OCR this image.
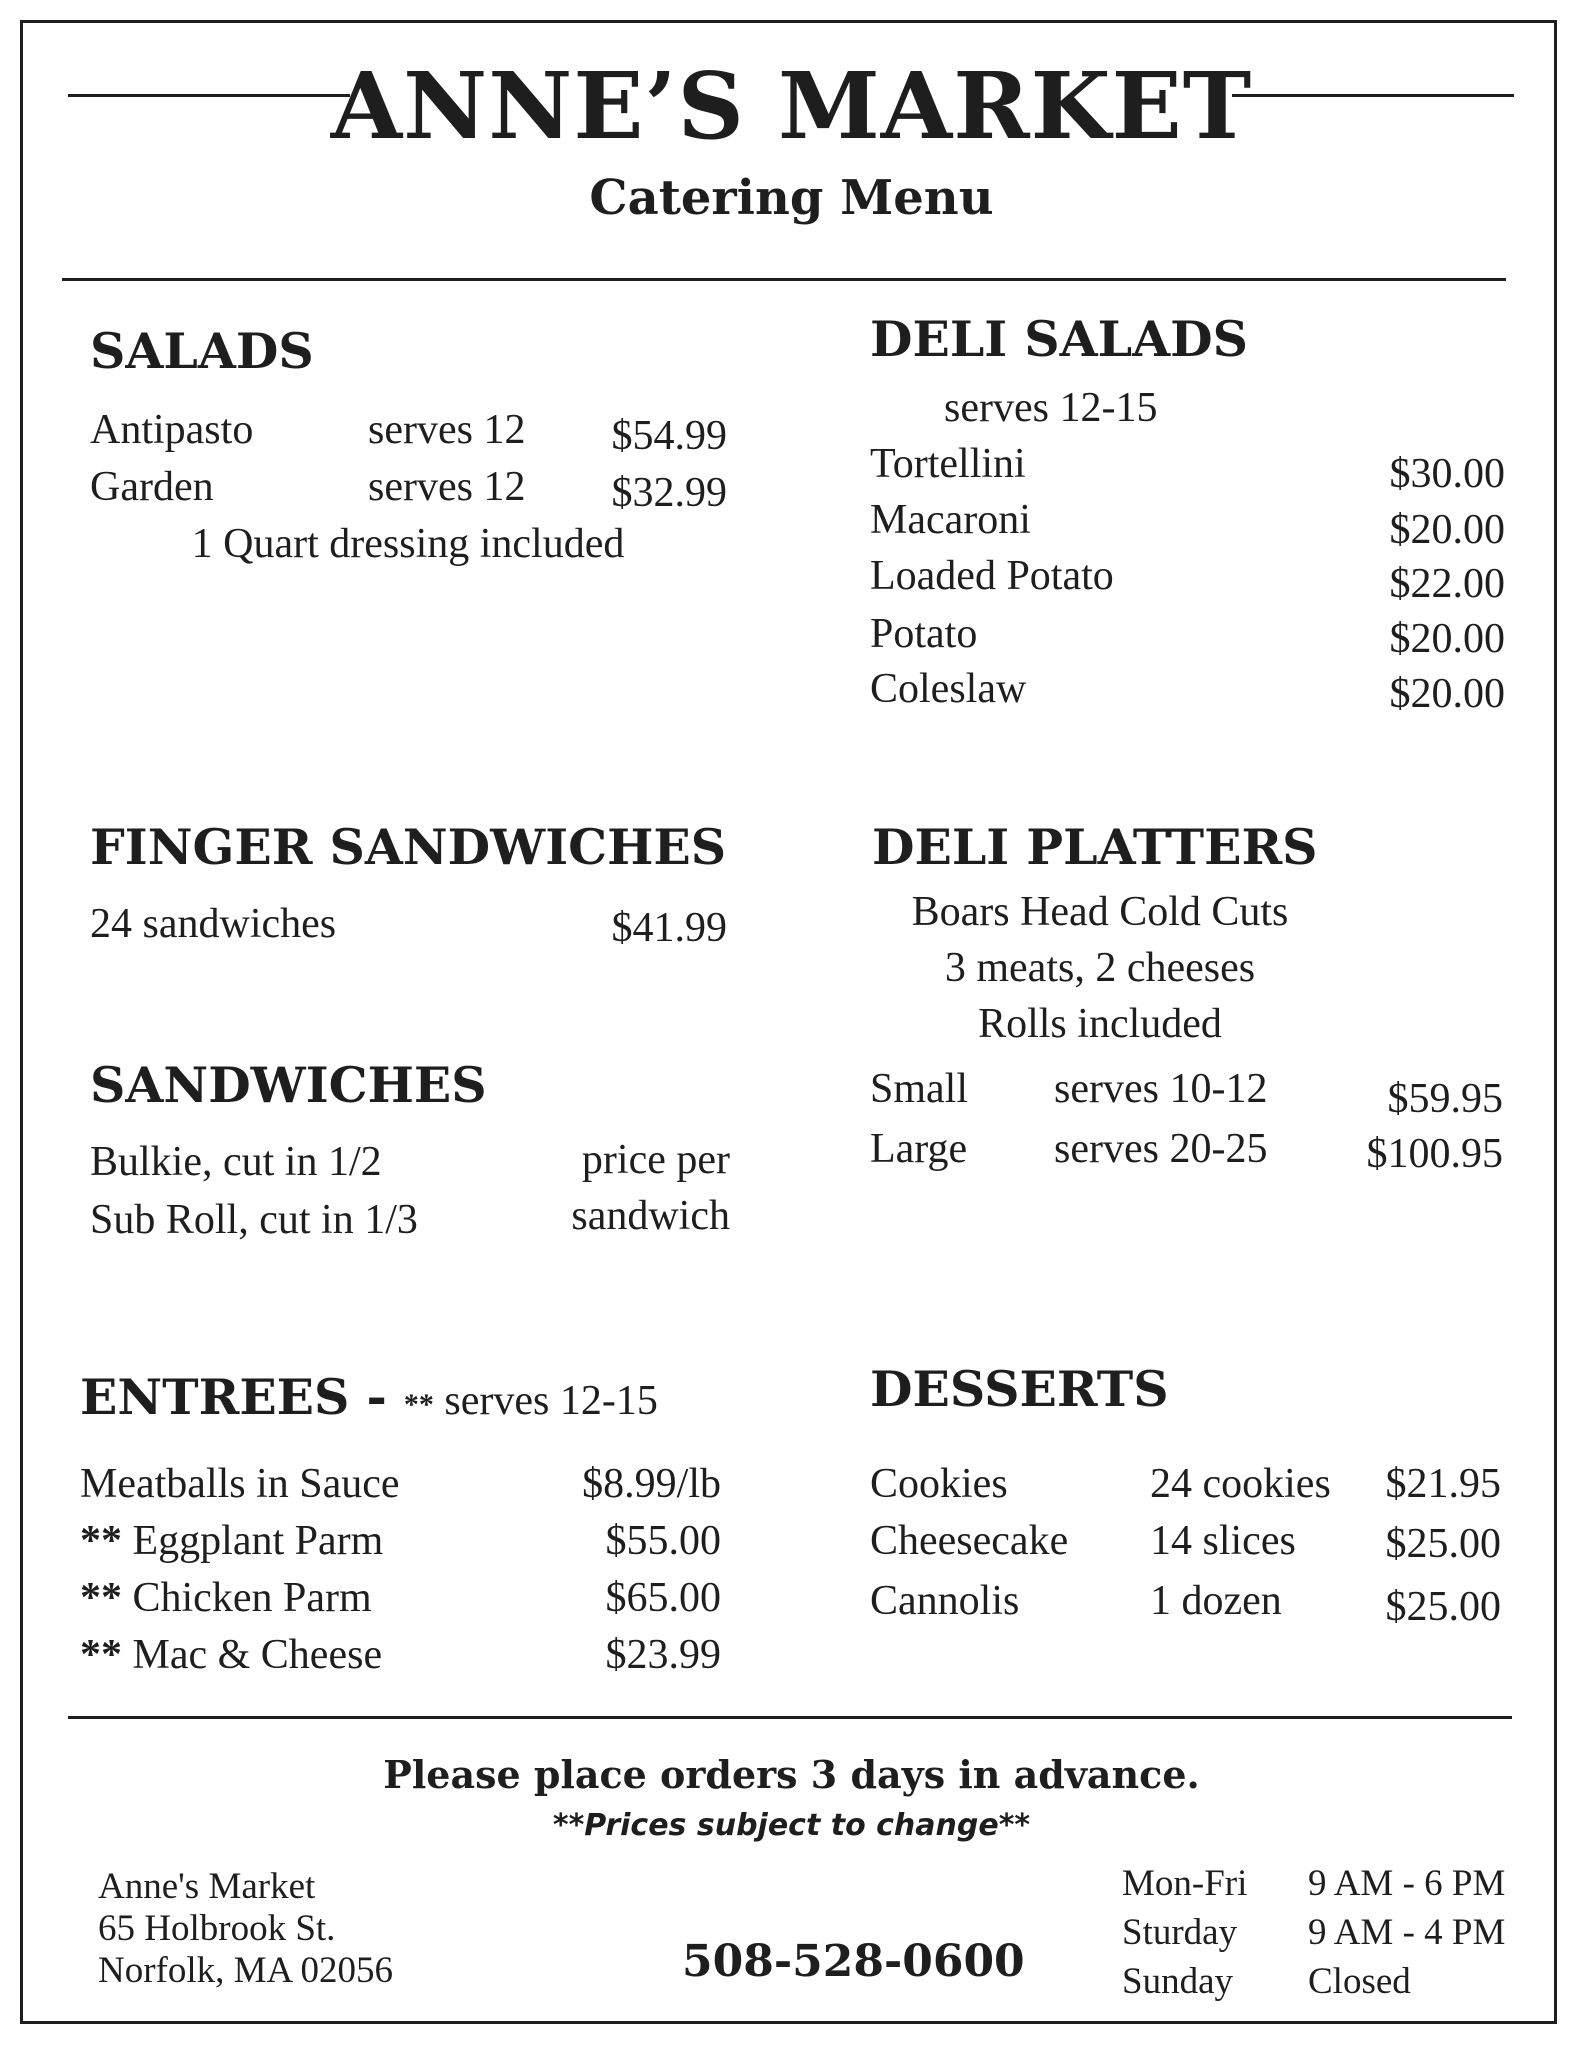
ANNE’S MARKET
Catering Menu
SALADS
Antipasto	serves 12 $54.99
Garden	serves 12 $32.99
1 Quart dressing included
DELI SALADS
serves 12-15
Tortellini	$30.00
Macaroni	$20.00
Loaded Potato	$22.00
Potato	$20.00
Coleslaw	$20.00
FINGER SANDWICHES
24 sandwiches	$41.99
DELI PLATTERS
Boars Head Cold Cuts
3 meats, 2 cheeses
Rolls included
Small serves 10-12	$59.95
Large serves 20-25 $100.95
SANDWICHES
Bulkie, cut in 1/2
Sub Roll, cut in 1/3
price per
sandwich
ENTREES - ** serves 12-15
Meatballs in Sauce	$8.99/lb
** Eggplant Parm	$55.00
** Chicken Parm	$65.00
** Mac & Cheese	$23.99
DESSERTS
Cookies	24 cookies $21.95
Cheesecake 14 slices $25.00
Cannolis	1 dozen $25.00
Please place orders 3 days in advance.
**Prices subject to change**
Anne's Market
65 Holbrook St.
Norfolk, MA 02056	508-528-0600
Mon-Fri 9 AM - 6 PM
Sturday 9 AM - 4 PM
Sunday Closed
